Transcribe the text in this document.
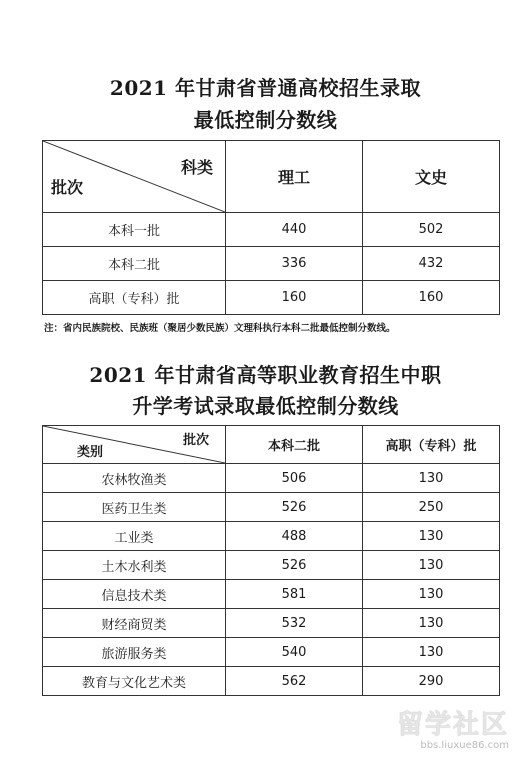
2021 年甘肃省普通高校招生录取
最低控制分数线
科类
批次	理工	文史
本科一批	440	502
本科二批	336	432
高职（专科）批	160	160
注：省内民族院校、民族班（聚居少数民族）文理科执行本科二批最低控制分数线。
2021 年甘肃省高等职业教育招生中职
升学考试录取最低控制分数线
批次
类别	本科二批	高职（专科）批
农林牧渔类	506	130
医药卫生类	526	250
工业类	488	130
土木水利类	526	130
信息技术类	581	130
财经商贸类	532	130
旅游服务类	540	130
教育与文化艺术类	562	290
留学社区
bbs.liuxue86.com
